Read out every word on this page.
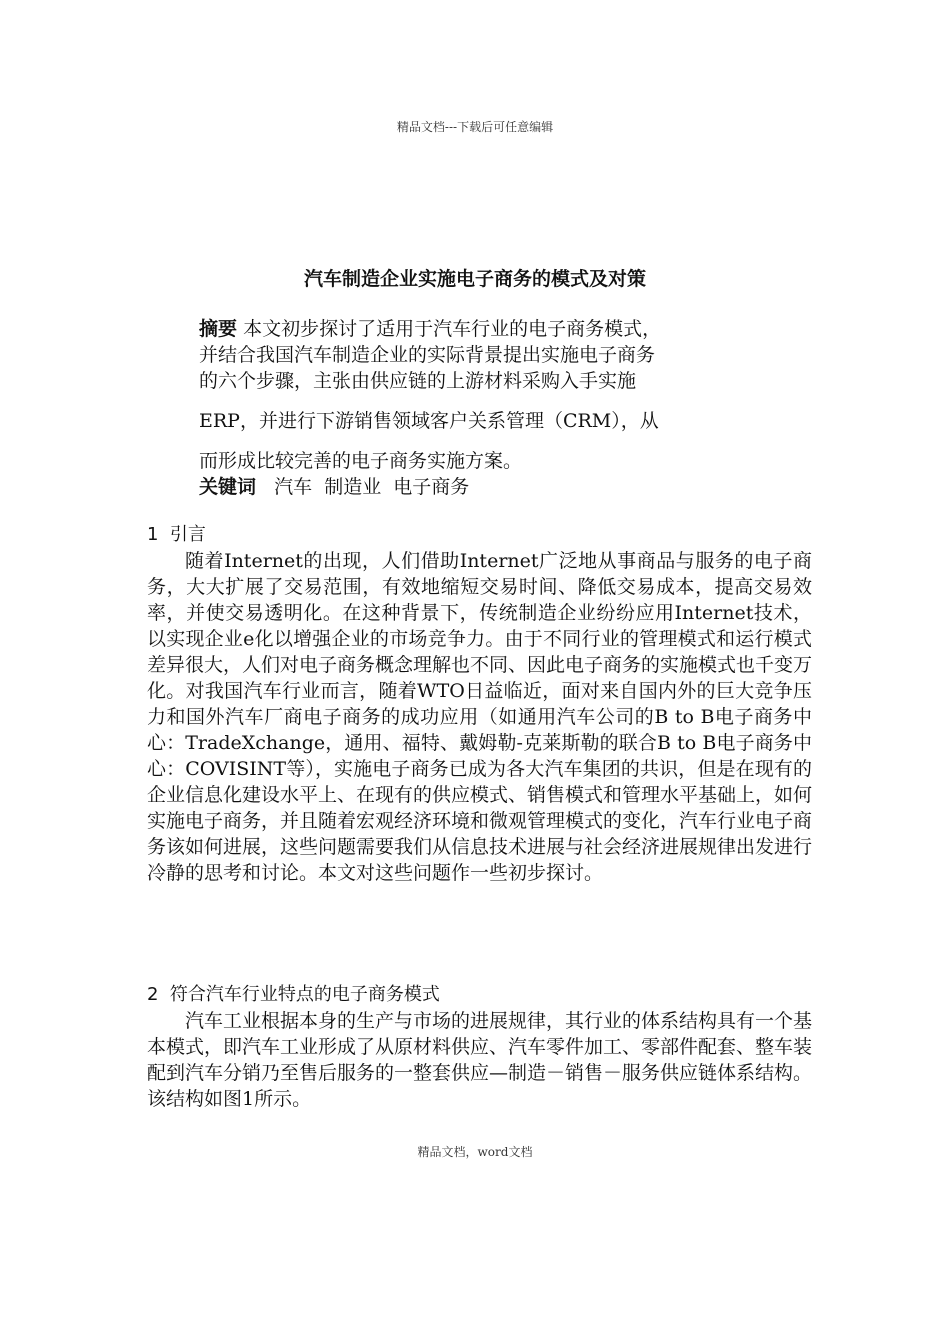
精品文档---下载后可任意编辑
汽车制造企业实施电子商务的模式及对策
摘要 本文初步探讨了适用于汽车行业的电子商务模式，
并结合我国汽车制造企业的实际背景提出实施电子商务
的六个步骤，主张由供应链的上游材料采购入手实施
ERP，并进行下游销售领域客户关系管理（CRM），从
而形成比较完善的电子商务实施方案。
关键词 汽车  制造业  电子商务
1  引言

随着Internet的出现，人们借助Internet广泛地从事商品与服务的电子商务，大大扩展了交易范围，有效地缩短交易时间、降低交易成本，提高交易效率，并使交易透明化。在这种背景下，传统制造企业纷纷应用Internet技术，以实现企业e化以增强企业的市场竞争力。由于不同行业的管理模式和运行模式差异很大，人们对电子商务概念理解也不同、因此电子商务的实施模式也千变万化。对我国汽车行业而言，随着WTO日益临近，面对来自国内外的巨大竞争压力和国外汽车厂商电子商务的成功应用（如通用汽车公司的B to B电子商务中心：TradeXchange，通用、福特、戴姆勒-克莱斯勒的联合B to B电子商务中心：COVISINT等），实施电子商务已成为各大汽车集团的共识，但是在现有的企业信息化建设水平上、在现有的供应模式、销售模式和管理水平基础上，如何实施电子商务，并且随着宏观经济环境和微观管理模式的变化，汽车行业电子商务该如何进展，这些问题需要我们从信息技术进展与社会经济进展规律出发进行冷静的思考和讨论。本文对这些问题作一些初步探讨。

2  符合汽车行业特点的电子商务模式

汽车工业根据本身的生产与市场的进展规律，其行业的体系结构具有一个基本模式，即汽车工业形成了从原材料供应、汽车零件加工、零部件配套、整车装配到汽车分销乃至售后服务的一整套供应—制造－销售－服务供应链体系结构。该结构如图1所示。

精品文档，word文档
